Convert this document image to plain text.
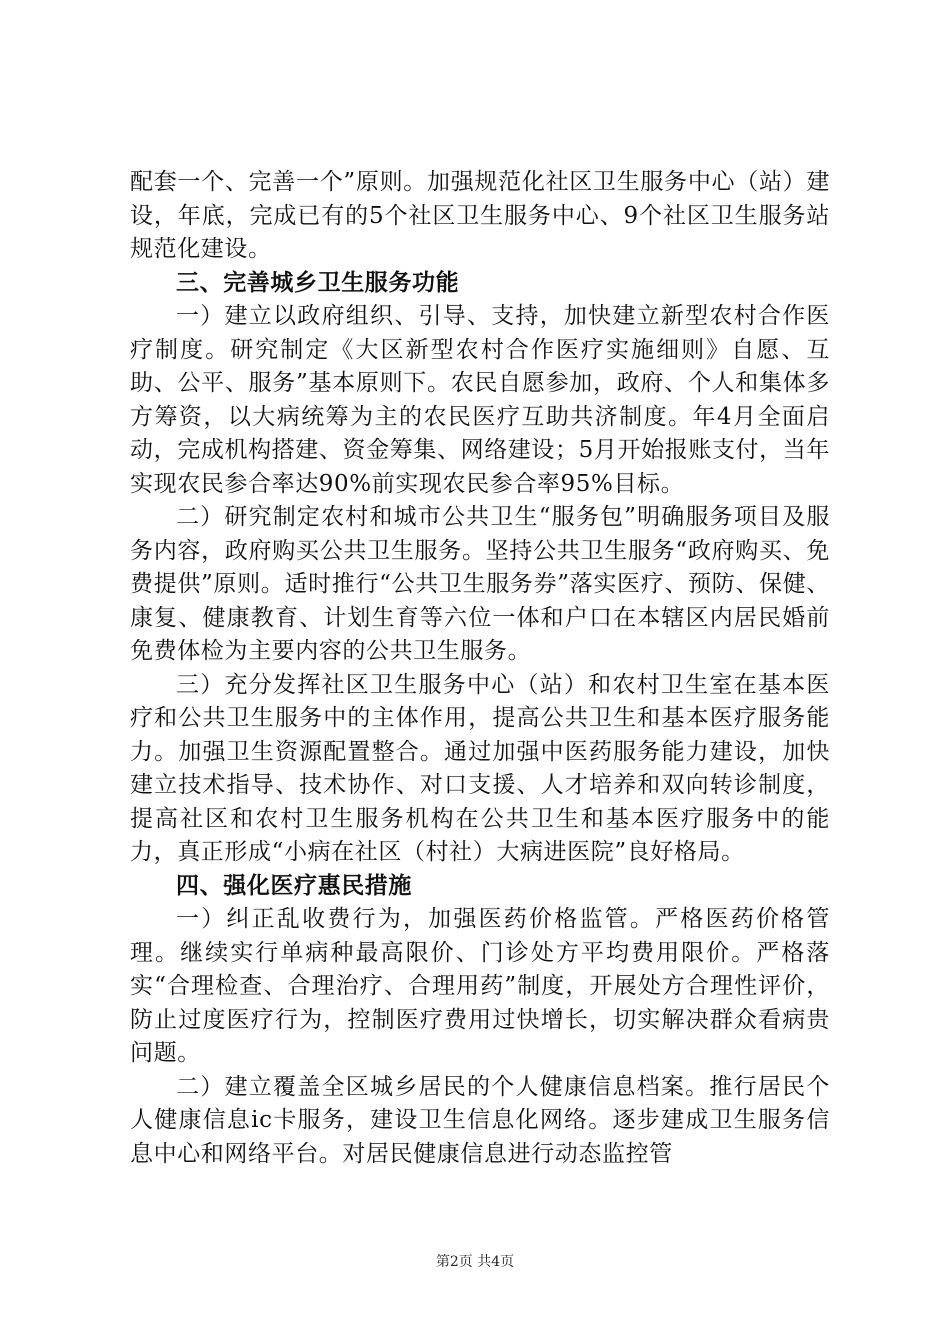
配套一个、完善一个”原则。加强规范化社区卫生服务中心（站）建设，年底，完成已有的5个社区卫生服务中心、9个社区卫生服务站规范化建设。

三、完善城乡卫生服务功能

一）建立以政府组织、引导、支持，加快建立新型农村合作医疗制度。研究制定《大区新型农村合作医疗实施细则》自愿、互助、公平、服务”基本原则下。农民自愿参加，政府、个人和集体多方筹资，以大病统筹为主的农民医疗互助共济制度。年4月全面启动，完成机构搭建、资金筹集、网络建设；5月开始报账支付，当年实现农民参合率达90%前实现农民参合率95%目标。

二）研究制定农村和城市公共卫生“服务包”明确服务项目及服务内容，政府购买公共卫生服务。坚持公共卫生服务“政府购买、免费提供”原则。适时推行“公共卫生服务券”落实医疗、预防、保健、康复、健康教育、计划生育等六位一体和户口在本辖区内居民婚前免费体检为主要内容的公共卫生服务。

三）充分发挥社区卫生服务中心（站）和农村卫生室在基本医疗和公共卫生服务中的主体作用，提高公共卫生和基本医疗服务能力。加强卫生资源配置整合。通过加强中医药服务能力建设，加快建立技术指导、技术协作、对口支援、人才培养和双向转诊制度，提高社区和农村卫生服务机构在公共卫生和基本医疗服务中的能力，真正形成“小病在社区（村社）大病进医院”良好格局。

四、强化医疗惠民措施

一）纠正乱收费行为，加强医药价格监管。严格医药价格管理。继续实行单病种最高限价、门诊处方平均费用限价。严格落实“合理检查、合理治疗、合理用药”制度，开展处方合理性评价，防止过度医疗行为，控制医疗费用过快增长，切实解决群众看病贵问题。

二）建立覆盖全区城乡居民的个人健康信息档案。推行居民个人健康信息ic卡服务，建设卫生信息化网络。逐步建成卫生服务信息中心和网络平台。对居民健康信息进行动态监控管

第2页 共4页
